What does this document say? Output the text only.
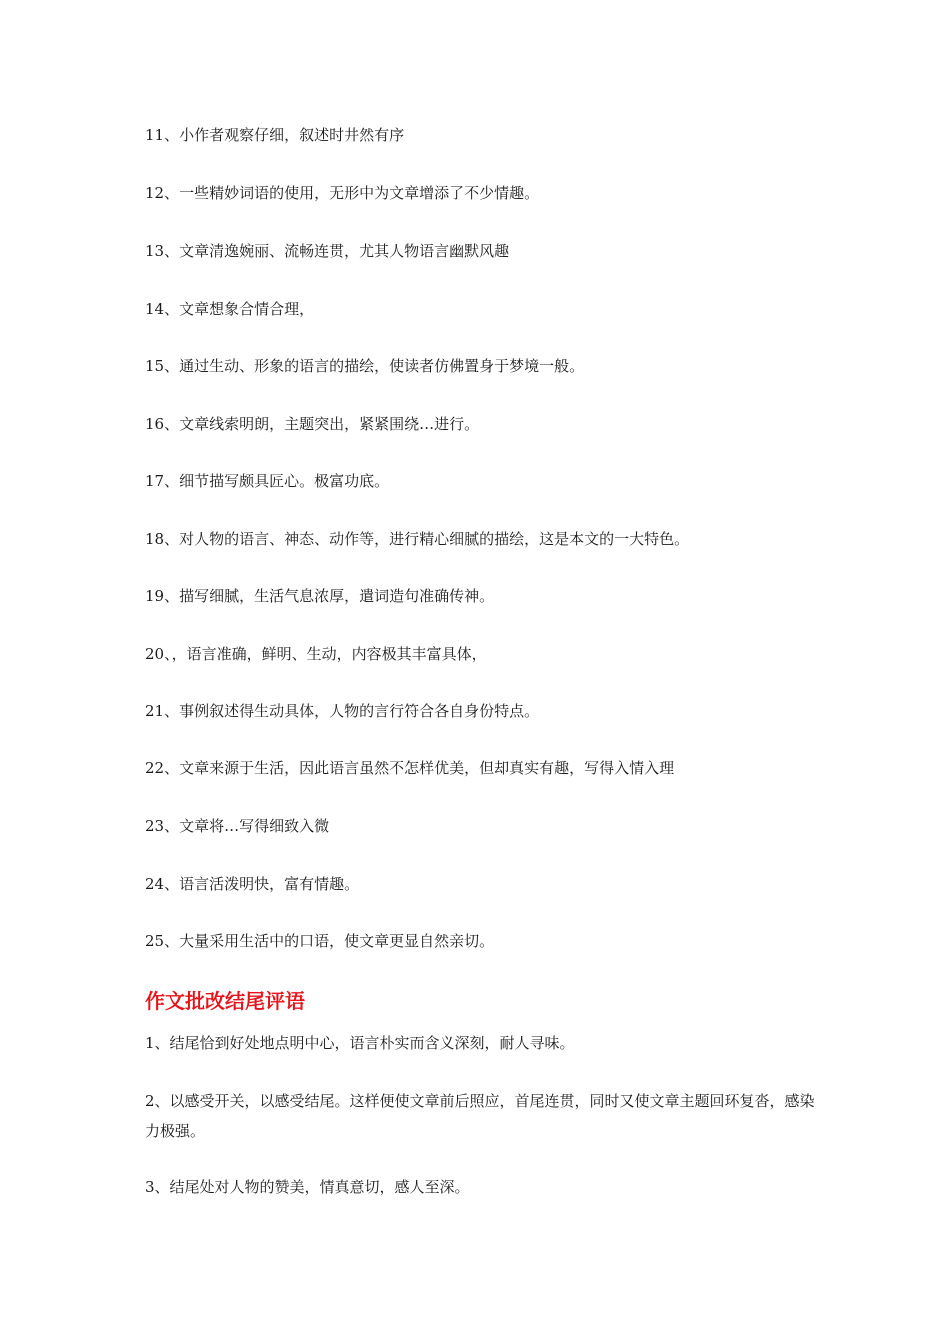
11、小作者观察仔细，叙述时井然有序
12、一些精妙词语的使用，无形中为文章增添了不少情趣。
13、文章清逸婉丽、流畅连贯，尤其人物语言幽默风趣
14、文章想象合情合理，
15、通过生动、形象的语言的描绘，使读者仿佛置身于梦境一般。
16、文章线索明朗，主题突出，紧紧围绕…进行。
17、细节描写颇具匠心。极富功底。
18、对人物的语言、神态、动作等，进行精心细腻的描绘，这是本文的一大特色。
19、描写细腻，生活气息浓厚，遣词造句准确传神。
20、，语言准确，鲜明、生动，内容极其丰富具体，
21、事例叙述得生动具体，人物的言行符合各自身份特点。
22、文章来源于生活，因此语言虽然不怎样优美，但却真实有趣，写得入情入理
23、文章将…写得细致入微
24、语言活泼明快，富有情趣。
25、大量采用生活中的口语，使文章更显自然亲切。
作文批改结尾评语
1、结尾恰到好处地点明中心，语言朴实而含义深刻，耐人寻味。
2、以感受开关，以感受结尾。这样便使文章前后照应，首尾连贯，同时又使文章主题回环复沓，感染力极强。
3、结尾处对人物的赞美，情真意切，感人至深。
